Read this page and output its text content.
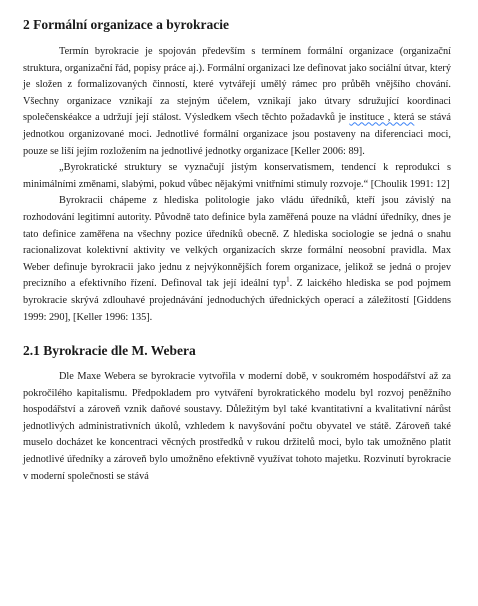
2 Formální organizace a byrokracie

Termín byrokracie je spojován především s termínem formální organizace (organizační struktura, organizační řád, popisy práce aj.). Formální organizaci lze definovat jako sociální útvar, který je složen z formalizovaných činností, které vytvářejí umělý rámec pro průběh vnějšího chování. Všechny organizace vznikají za stejným účelem, vznikají jako útvary sdružující koordinaci společenskéakce a udržují její stálost. Výsledkem všech těchto požadavků je instituce , která se stává jednotkou organizované moci. Jednotlivé formální organizace jsou postaveny na diferenciaci moci, pouze se liší jejím rozložením na jednotlivé jednotky organizace [Keller 2006: 89].

„Byrokratické struktury se vyznačují jistým konservatismem, tendencí k reprodukci s minimálními změnami, slabými, pokud vůbec nějakými vnitřními stimuly rozvoje.“ [Choulik 1991: 12]

Byrokracii chápeme z hlediska politologie jako vládu úředníků, kteří jsou závislý na rozhodování legitimní autority. Původně tato definice byla zaměřená pouze na vládní úředníky, dnes je tato definice zaměřena na všechny pozice úředníků obecně. Z hlediska sociologie se jedná o snahu racionalizovat kolektivní aktivity ve velkých organizacích skrze formální neosobní pravidla. Max Weber definuje byrokracii jako jednu z nejvýkonnějších forem organizace, jelikož se jedná o projev precizního a efektivního řízení. Definoval tak její ideální typ$^1$. Z laického hlediska se pod pojmem byrokracie skrývá zdlouhavé projednávání jednoduchých úřednických operací a záležitostí [Giddens 1999: 290], [Keller 1996: 135].

2.1 Byrokracie dle M. Webera

Dle Maxe Webera se byrokracie vytvořila v moderní době, v soukromém hospodářství až za pokročilého kapitalismu. Předpokladem pro vytváření byrokratického modelu byl rozvoj peněžního hospodářství a zároveň vznik daňové soustavy. Důležitým byl také kvantitativní a kvalitativní nárůst jednotlivých administrativních úkolů, vzhledem k navyšování počtu obyvatel ve státě. Zároveň také muselo docházet ke koncentraci věcných prostředků v rukou držitelů moci, bylo tak umožněno platit jednotlivé úředníky a zároveň bylo umožněno efektivně využívat tohoto majetku. Rozvinutí byrokracie v moderní společnosti se stává
